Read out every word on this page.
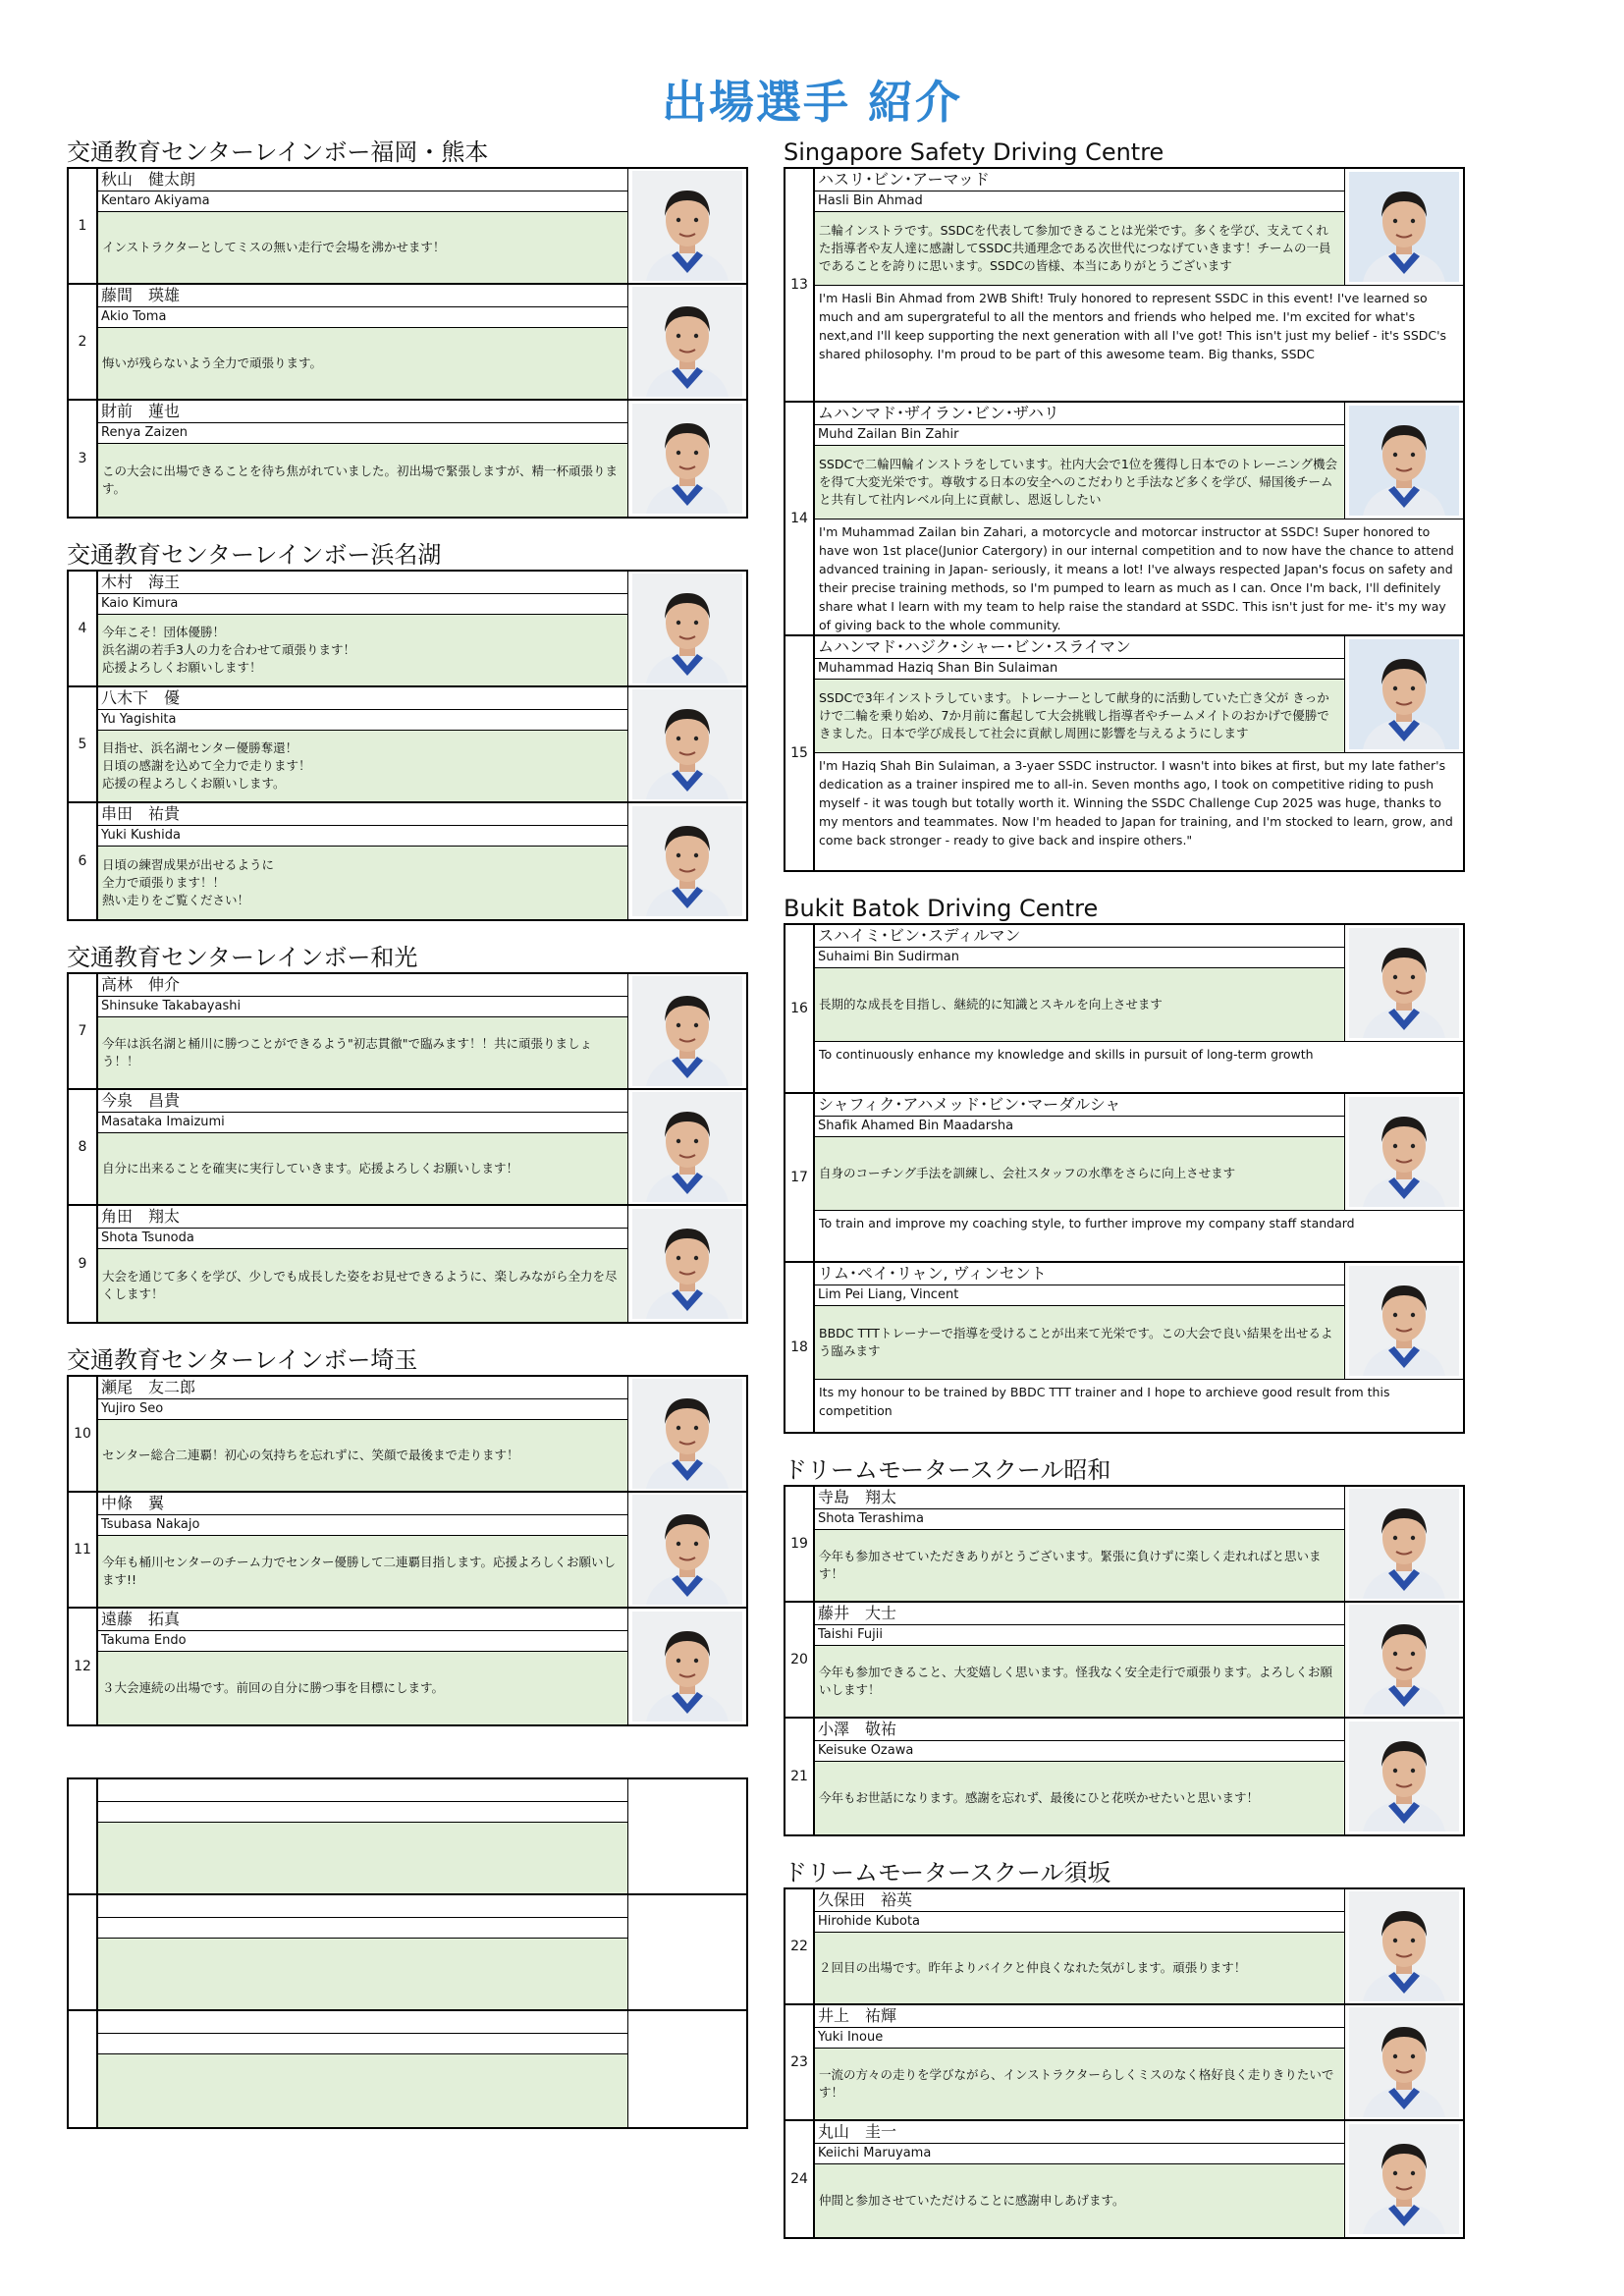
出場選手 紹介
交通教育センターレインボー福岡・熊本
1
秋山　健太朗
Kentaro Akiyama
インストラクターとしてミスの無い走行で会場を沸かせます！
2
藤間　瑛雄
Akio Toma
悔いが残らないよう全力で頑張ります。
3
財前　蓮也
Renya Zaizen
この大会に出場できることを待ち焦がれていました。初出場で緊張しますが、精一杯頑張ります。
交通教育センターレインボー浜名湖
4
木村　海王
Kaio Kimura
今年こそ！団体優勝！
浜名湖の若手3人の力を合わせて頑張ります！
応援よろしくお願いします！
5
八木下　優
Yu Yagishita
目指せ、浜名湖センター優勝奪還！
日頃の感謝を込めて全力で走ります！
応援の程よろしくお願いします。
6
串田　祐貴
Yuki Kushida
日頃の練習成果が出せるように
全力で頑張ります！！
熱い走りをご覧ください！
交通教育センターレインボー和光
7
高林　伸介
Shinsuke Takabayashi
今年は浜名湖と桶川に勝つことができるよう"初志貫徹"で臨みます！！共に頑張りましょう！！
8
今泉　昌貴
Masataka Imaizumi
自分に出来ることを確実に実行していきます。応援よろしくお願いします！
9
角田　翔太
Shota Tsunoda
大会を通じて多くを学び、少しでも成長した姿をお見せできるように、楽しみながら全力を尽くします！
交通教育センターレインボー埼玉
10
瀬尾　友二郎
Yujiro Seo
センター総合二連覇！初心の気持ちを忘れずに、笑顔で最後まで走ります！
11
中條　翼
Tsubasa Nakajo
今年も桶川センターのチーム力でセンター優勝して二連覇目指します。応援よろしくお願いします!!
12
遠藤　拓真
Takuma Endo
３大会連続の出場です。前回の自分に勝つ事を目標にします。
Singapore Safety Driving Centre
13
ハスリ･ビン･アーマッド
Hasli Bin Ahmad
二輪インストラです。SSDCを代表して参加できることは光栄です。多くを学び、支えてくれた指導者や友人達に感謝してSSDC共通理念である次世代につなげていきます！チームの一員であることを誇りに思います。SSDCの皆様、本当にありがとうございます
I'm Hasli Bin Ahmad from 2WB Shift! Truly honored to represent SSDC in this event! I've learned so much and am supergrateful to all the mentors and friends who helped me. I'm excited for what's next,and I'll keep supporting the next generation with all I've got! This isn't just my belief - it's SSDC's shared philosophy. I'm proud to be part of this awesome team. Big thanks, SSDC
14
ムハンマド･ザイラン･ビン･ザハリ
Muhd Zailan Bin Zahir
SSDCで二輪四輪インストラをしています。社内大会で1位を獲得し日本でのトレーニング機会を得て大変光栄です。尊敬する日本の安全へのこだわりと手法など多くを学び、帰国後チームと共有して社内レベル向上に貢献し、恩返ししたい
I'm Muhammad Zailan bin Zahari, a motorcycle and motorcar instructor at SSDC! Super honored to have won 1st place(Junior Catergory) in our internal competition and to now have the chance to attend advanced training in Japan- seriously, it means a lot! I've always respected Japan's focus on safety and their precise training methods, so I'm pumped to learn as much as I can. Once I'm back, I'll definitely share what I learn with my team to help raise the standard at SSDC. This isn't just for me- it's my way of giving back to the whole community.
15
ムハンマド･ハジク･シャー･ビン･スライマン
Muhammad Haziq Shan Bin Sulaiman
SSDCで3年インストラしています。トレーナーとして献身的に活動していた亡き父が きっかけで二輪を乗り始め、7か月前に奮起して大会挑戦し指導者やチームメイトのおかげで優勝できました。日本で学び成長して社会に貢献し周囲に影響を与えるようにします
I'm Haziq Shah Bin Sulaiman, a 3-yaer SSDC instructor. I wasn't into bikes at first, but my late father's dedication as a trainer inspired me to all-in. Seven months ago, I took on competitive riding to push myself - it was tough but totally worth it. Winning the SSDC Challenge Cup 2025 was huge, thanks to my mentors and teammates. Now I'm headed to Japan for training, and I'm stocked to learn, grow, and come back stronger - ready to give back and inspire others."
Bukit Batok Driving Centre
16
スハイミ･ビン･スディルマン
Suhaimi Bin Sudirman
長期的な成長を目指し、継続的に知識とスキルを向上させます
To continuously enhance my knowledge and skills in pursuit of long-term growth
17
シャフィク･アハメッド･ビン･マーダルシャ
Shafik Ahamed Bin Maadarsha
自身のコーチング手法を訓練し、会社スタッフの水準をさらに向上させます
To train and improve my coaching style, to further improve my company staff standard
18
リム･ペイ･リャン, ヴィンセント
Lim Pei Liang, Vincent
BBDC TTTトレーナーで指導を受けることが出来て光栄です。この大会で良い結果を出せるよう臨みます
Its my honour to be trained by BBDC TTT trainer and I hope to archieve good result from this competition
ドリームモータースクール昭和
19
寺島　翔太
Shota Terashima
今年も参加させていただきありがとうございます。緊張に負けずに楽しく走れればと思います！
20
藤井　大士
Taishi Fujii
今年も参加できること、大変嬉しく思います。怪我なく安全走行で頑張ります。よろしくお願いします！
21
小澤　敬祐
Keisuke Ozawa
今年もお世話になります。感謝を忘れず、最後にひと花咲かせたいと思います！
ドリームモータースクール須坂
22
久保田　裕英
Hirohide Kubota
２回目の出場です。昨年よりバイクと仲良くなれた気がします。頑張ります！
23
井上　祐輝
Yuki Inoue
一流の方々の走りを学びながら、インストラクターらしくミスのなく格好良く走りきりたいです！
24
丸山　圭一
Keiichi Maruyama
仲間と参加させていただけることに感謝申しあげます。
